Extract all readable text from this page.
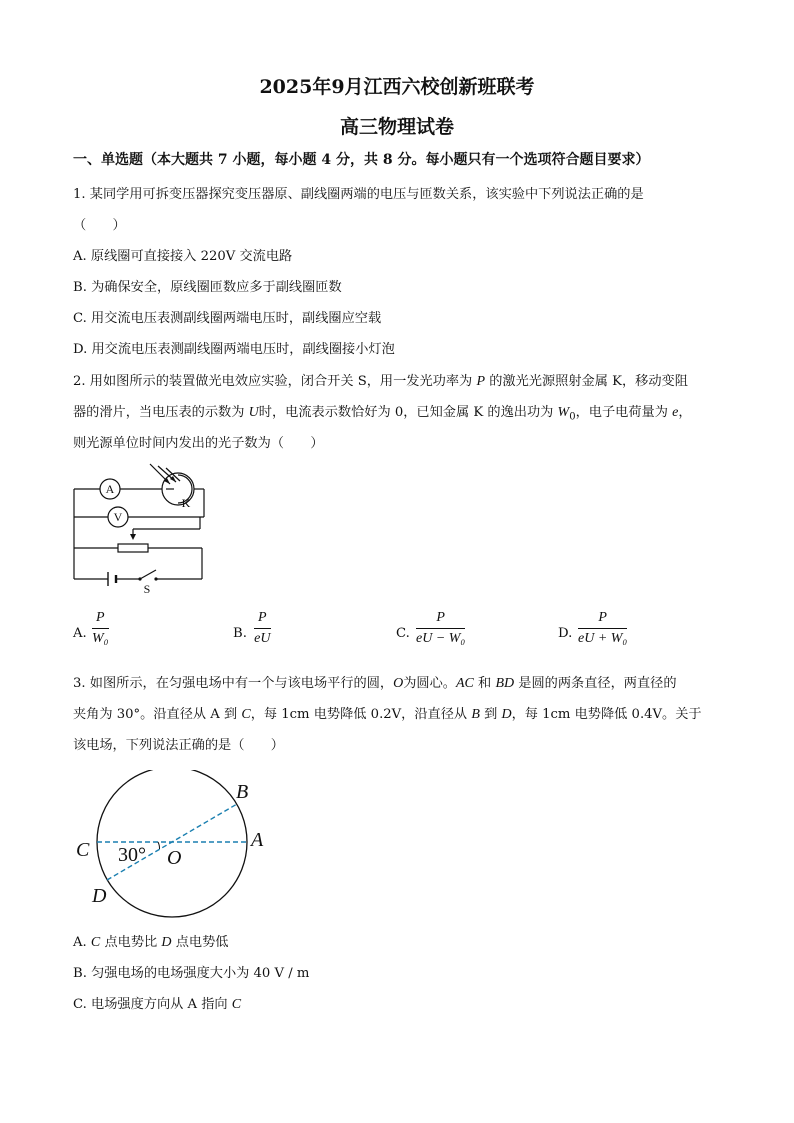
2025年9月江西六校创新班联考
高三物理试卷
一、单选题（本大题共 7 小题，每小题 4 分，共 8 分。每小题只有一个选项符合题目要求）
1. 某同学用可拆变压器探究变压器原、副线圈两端的电压与匝数关系，该实验中下列说法正确的是
（　　）
A. 原线圈可直接接入 220V 交流电路
B. 为确保安全，原线圈匝数应多于副线圈匝数
C. 用交流电压表测副线圈两端电压时，副线圈应空载
D. 用交流电压表测副线圈两端电压时，副线圈接小灯泡
2. 用如图所示的装置做光电效应实验，闭合开关 S，用一发光功率为 P 的激光光源照射金属 K，移动变阻
器的滑片，当电压表的示数为 U时，电流表示数恰好为 0，已知金属 K 的逸出功为 $W_0$，电子电荷量为 e，
则光源单位时间内发出的光子数为（　　）
A
V
K
S
A.
P
W₀	B.
P
eU	C.
P
eU − W₀	D.
P
eU + W₀
3. 如图所示，在匀强电场中有一个与该电场平行的圆，O为圆心。AC 和 BD 是圆的两条直径，两直径的
夹角为 30°。沿直径从 A 到 C，每 1cm 电势降低 0.2V，沿直径从 B 到 D，每 1cm 电势降低 0.4V。关于
该电场，下列说法正确的是（　　）
C	A
B
D
O
30°
A. C 点电势比 D 点电势低
B. 匀强电场的电场强度大小为 40 V / m
C. 电场强度方向从 A 指向 C
